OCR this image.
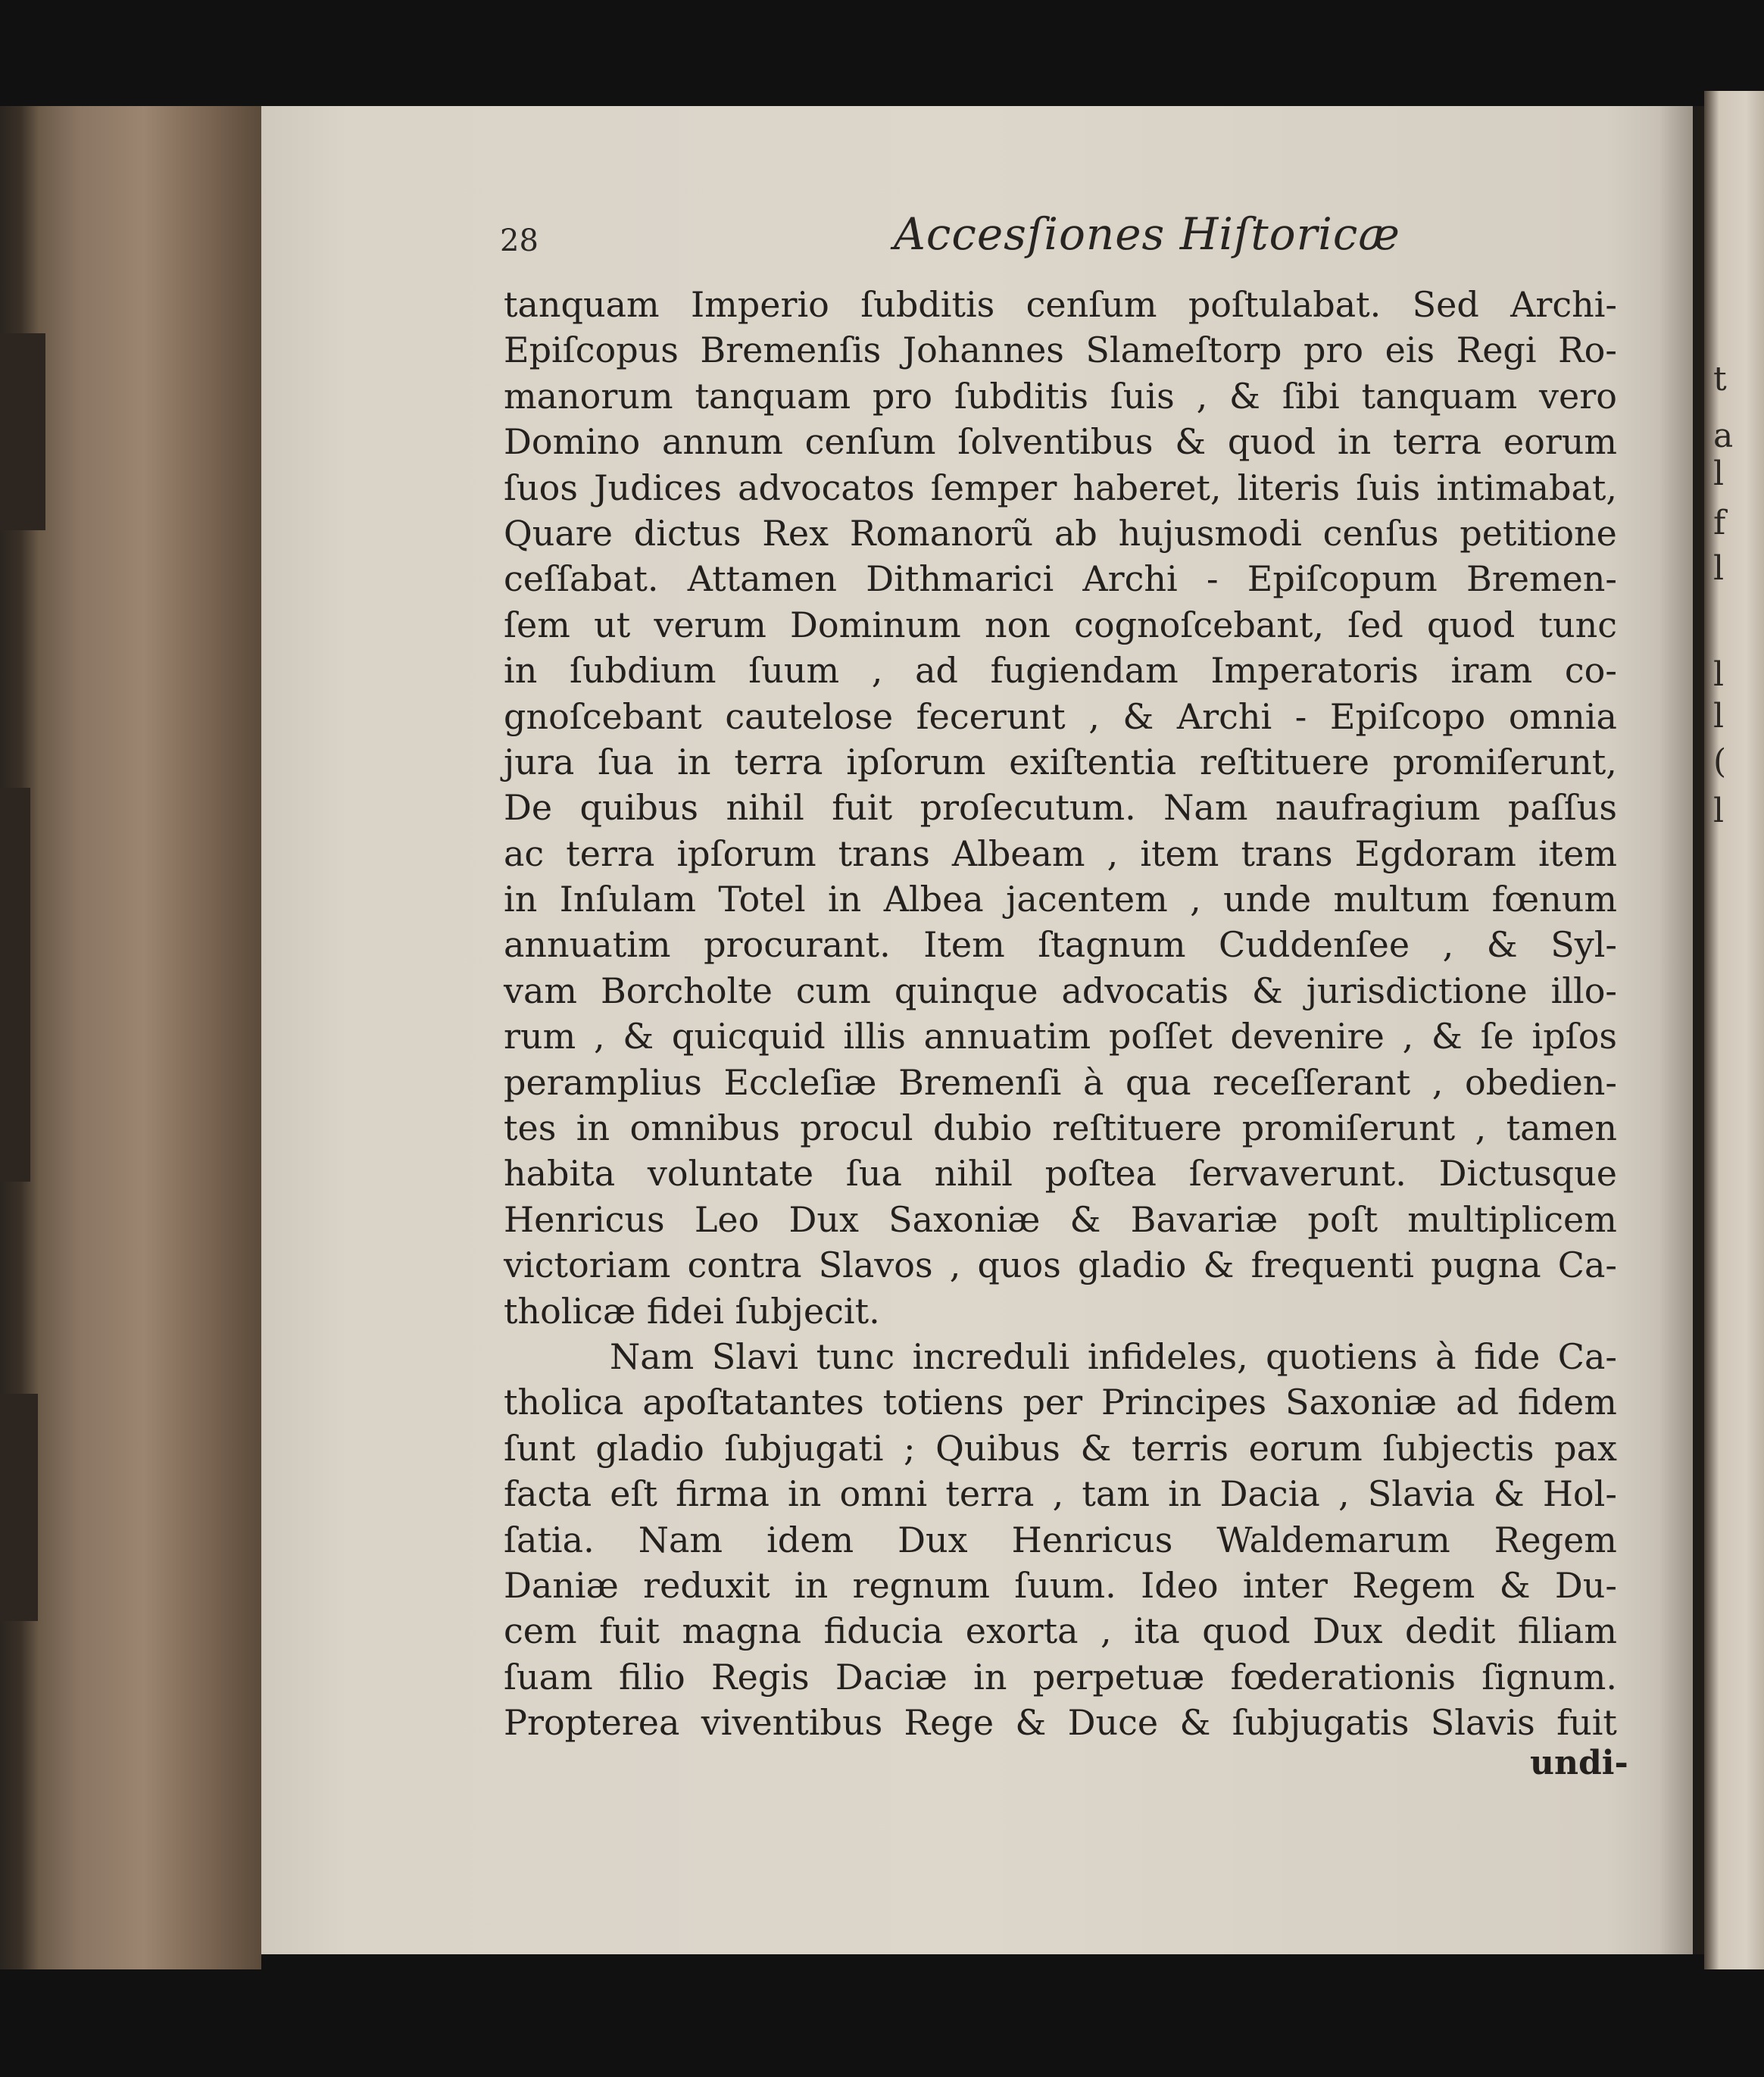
t
a
l
f
l
l
l
(
l
28	Accesſiones Hiſtoricæ
tanquam Imperio ſubditis cenſum poſtulabat. Sed Archi-
Epiſcopus Bremenſis Johannes Slameſtorp pro eis Regi Ro-
manorum tanquam pro ſubditis ſuis , & ſibi tanquam vero
Domino annum cenſum ſolventibus & quod in terra eorum
ſuos Judices advocatos ſemper haberet, literis ſuis intimabat,
Quare dictus Rex Romanorũ ab hujusmodi cenſus petitione
ceſſabat. Attamen Dithmarici Archi - Epiſcopum Bremen-
ſem ut verum Dominum non cognoſcebant, ſed quod tunc
in ſubdium ſuum , ad fugiendam Imperatoris iram co-
gnoſcebant cautelose fecerunt , & Archi - Epiſcopo omnia
jura ſua in terra ipſorum exiſtentia reſtituere promiſerunt,
De quibus nihil fuit proſecutum. Nam naufragium paſſus
ac terra ipſorum trans Albeam , item trans Egdoram item
in Inſulam Totel in Albea jacentem , unde multum fœnum
annuatim procurant. Item ſtagnum Cuddenſee , & Syl-
vam Borcholte cum quinque advocatis & jurisdictione illo-
rum , & quicquid illis annuatim poſſet devenire , & ſe ipſos
peramplius Eccleſiæ Bremenſi à qua receſſerant , obedien-
tes in omnibus procul dubio reſtituere promiſerunt , tamen
habita voluntate ſua nihil poſtea ſervaverunt. Dictusque
Henricus Leo Dux Saxoniæ & Bavariæ poſt multiplicem
victoriam contra Slavos , quos gladio & frequenti pugna Ca-
tholicæ fidei ſubjecit.
Nam Slavi tunc increduli infideles, quotiens à fide Ca-
tholica apoſtatantes totiens per Principes Saxoniæ ad fidem
ſunt gladio ſubjugati ; Quibus & terris eorum ſubjectis pax
facta eſt firma in omni terra , tam in Dacia , Slavia & Hol-
ſatia. Nam idem Dux Henricus Waldemarum Regem
Daniæ reduxit in regnum ſuum. Ideo inter Regem & Du-
cem fuit magna fiducia exorta , ita quod Dux dedit filiam
ſuam filio Regis Daciæ in perpetuæ fœderationis ſignum.
Propterea viventibus Rege & Duce & ſubjugatis Slavis fuit
undi-
